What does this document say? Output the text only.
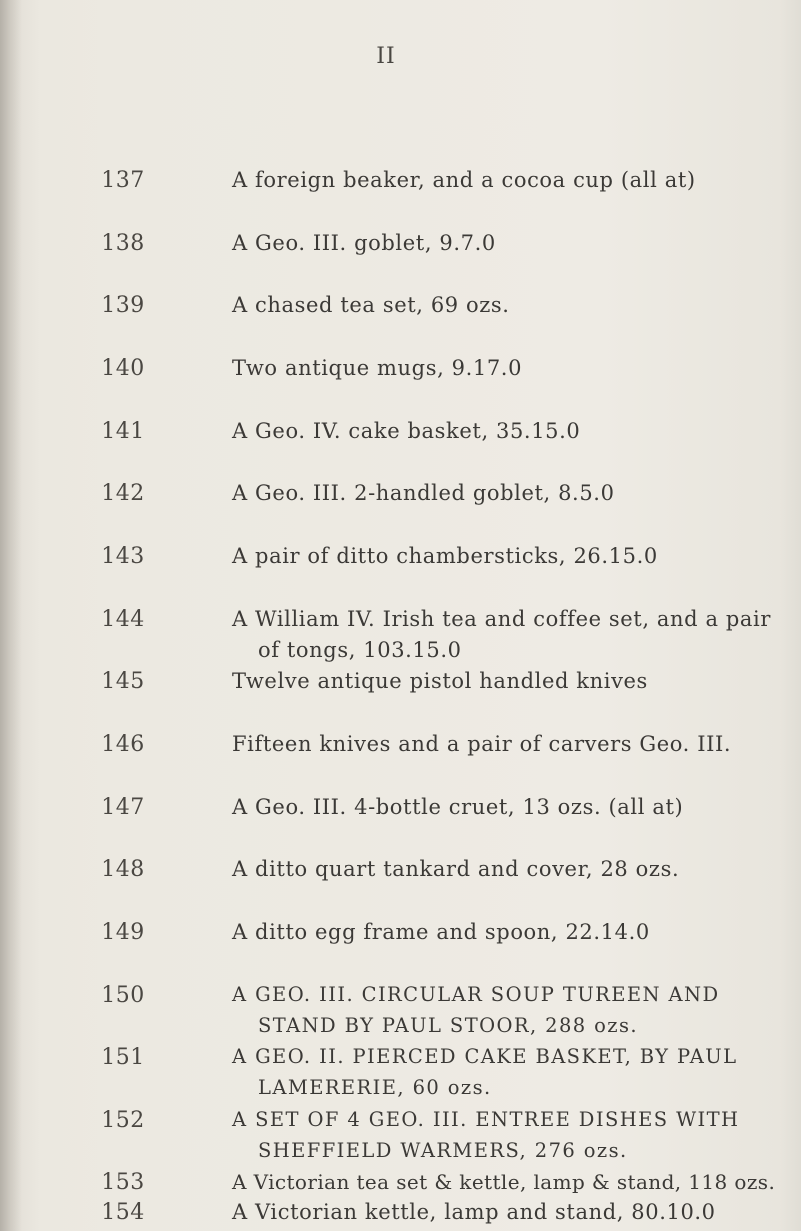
II
137	A foreign beaker, and a cocoa cup (all at)
138	A Geo. III. goblet, 9.7.0
139	A chased tea set, 69 ozs.
140	Two antique mugs, 9.17.0
141	A Geo. IV. cake basket, 35.15.0
142	A Geo. III. 2-handled goblet, 8.5.0
143	A pair of ditto chambersticks, 26.15.0
144	A William IV. Irish tea and coffee set, and a pair
of tongs, 103.15.0
145	Twelve antique pistol handled knives
146	Fifteen knives and a pair of carvers Geo. III.
147	A Geo. III. 4-bottle cruet, 13 ozs. (all at)
148	A ditto quart tankard and cover, 28 ozs.
149	A ditto egg frame and spoon, 22.14.0
150	A GEO. III. CIRCULAR SOUP TUREEN AND
STAND BY PAUL STOOR, 288 ozs.
151	A GEO. II. PIERCED CAKE BASKET, BY PAUL
LAMERERIE, 60 ozs.
152	A SET OF 4 GEO. III. ENTREE DISHES WITH
SHEFFIELD WARMERS, 276 ozs.
153	A Victorian tea set & kettle, lamp & stand, 118 ozs.
154	A Victorian kettle, lamp and stand, 80.10.0
